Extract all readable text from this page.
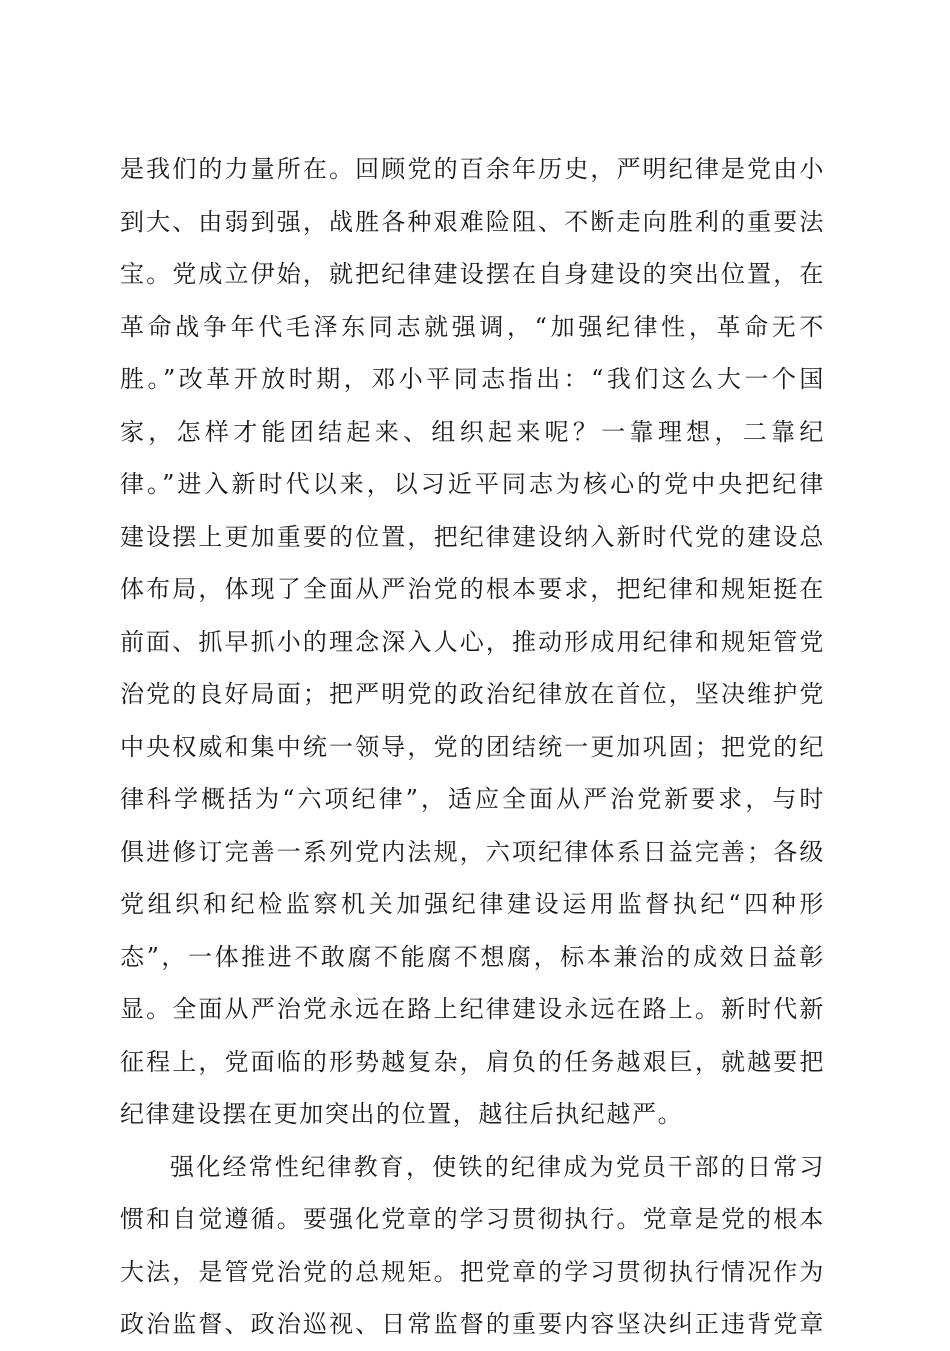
是我们的力量所在。回顾党的百余年历史，严明纪律是党由小
到大、由弱到强，战胜各种艰难险阻、不断走向胜利的重要法
宝。党成立伊始，就把纪律建设摆在自身建设的突出位置，在
革命战争年代毛泽东同志就强调，“加强纪律性，革命无不
胜。”改革开放时期，邓小平同志指出：“我们这么大一个国
家，怎样才能团结起来、组织起来呢？一靠理想，二靠纪
律。”进入新时代以来，以习近平同志为核心的党中央把纪律
建设摆上更加重要的位置，把纪律建设纳入新时代党的建设总
体布局，体现了全面从严治党的根本要求，把纪律和规矩挺在
前面、抓早抓小的理念深入人心，推动形成用纪律和规矩管党
治党的良好局面；把严明党的政治纪律放在首位，坚决维护党
中央权威和集中统一领导，党的团结统一更加巩固；把党的纪
律科学概括为“六项纪律”，适应全面从严治党新要求，与时
俱进修订完善一系列党内法规，六项纪律体系日益完善；各级
党组织和纪检监察机关加强纪律建设运用监督执纪“四种形
态”，一体推进不敢腐不能腐不想腐，标本兼治的成效日益彰
显。全面从严治党永远在路上纪律建设永远在路上。新时代新
征程上，党面临的形势越复杂，肩负的任务越艰巨，就越要把
纪律建设摆在更加突出的位置，越往后执纪越严。
强化经常性纪律教育，使铁的纪律成为党员干部的日常习
惯和自觉遵循。要强化党章的学习贯彻执行。党章是党的根本
大法，是管党治党的总规矩。把党章的学习贯彻执行情况作为
政治监督、政治巡视、日常监督的重要内容坚决纠正违背党章
